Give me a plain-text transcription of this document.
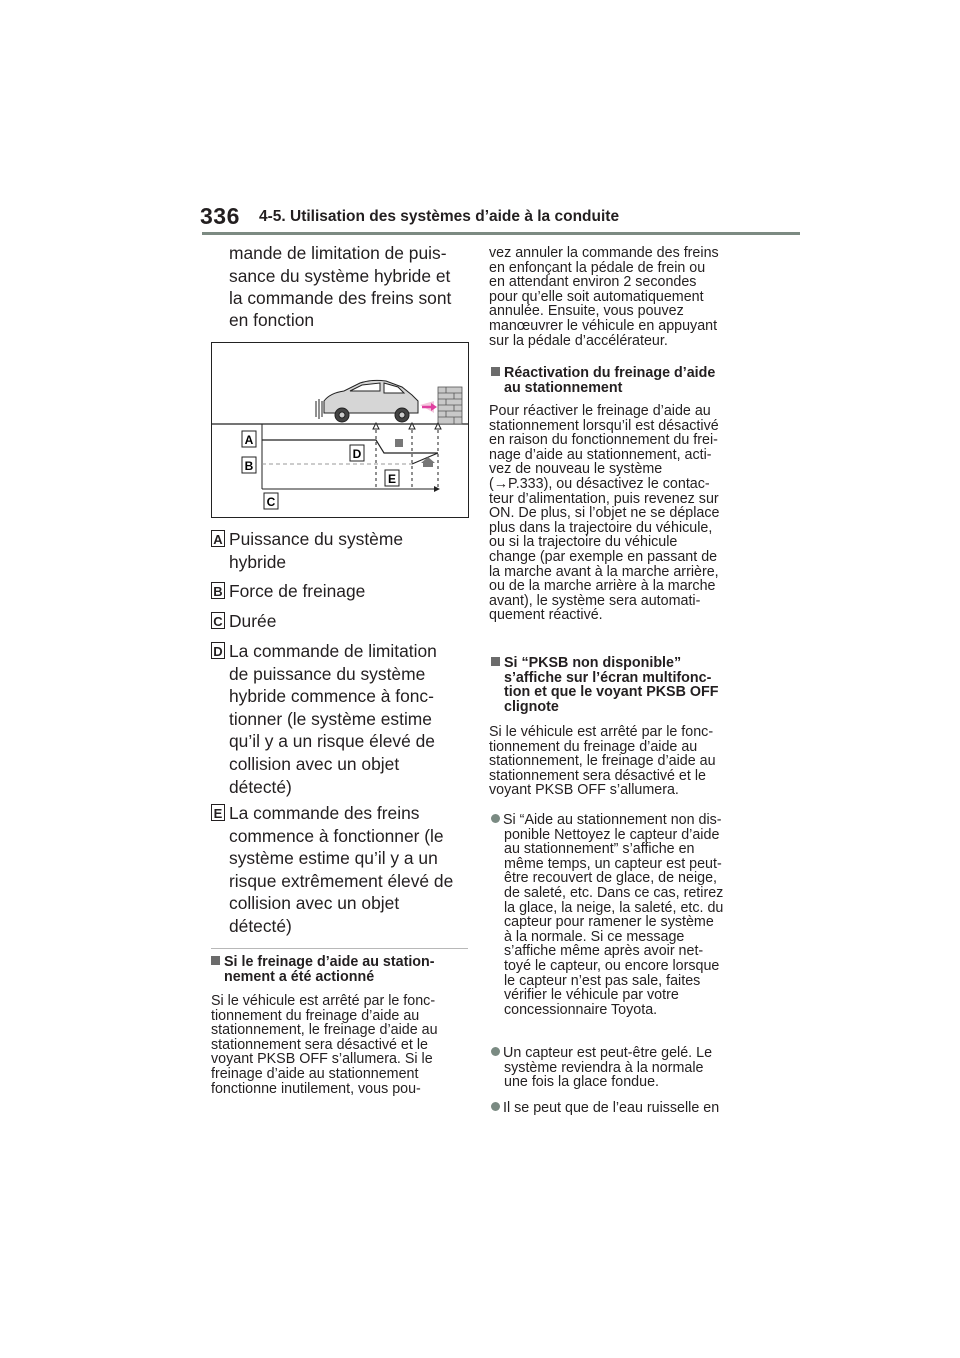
336 4-5. Utilisation des systèmes d’aide à la conduite
mande de limitation de puis-
sance du système hybride et
la commande des freins sont
en fonction
A
B
C
D
E
A Puissance du système
hybride
B Force de freinage
C Durée
D La commande de limitation
de puissance du système
hybride commence à fonc-
tionner (le système estime
qu’il y a un risque élevé de
collision avec un objet
détecté)
E La commande des freins
commence à fonctionner (le
système estime qu’il y a un
risque extrêmement élevé de
collision avec un objet
détecté)
Si le freinage d’aide au station-
nement a été actionné
Si le véhicule est arrêté par le fonc-
tionnement du freinage d’aide au
stationnement, le freinage d’aide au
stationnement sera désactivé et le
voyant PKSB OFF s’allumera. Si le
freinage d’aide au stationnement
fonctionne inutilement, vous pou-
vez annuler la commande des freins
en enfonçant la pédale de frein ou
en attendant environ 2 secondes
pour qu’elle soit automatiquement
annulée. Ensuite, vous pouvez
manœuvrer le véhicule en appuyant
sur la pédale d’accélérateur.
Réactivation du freinage d’aide
au stationnement
Pour réactiver le freinage d’aide au
stationnement lorsqu’il est désactivé
en raison du fonctionnement du frei-
nage d’aide au stationnement, acti-
vez de nouveau le système
(→P.333), ou désactivez le contac-
teur d’alimentation, puis revenez sur
ON. De plus, si l’objet ne se déplace
plus dans la trajectoire du véhicule,
ou si la trajectoire du véhicule
change (par exemple en passant de
la marche avant à la marche arrière,
ou de la marche arrière à la marche
avant), le système sera automati-
quement réactivé.
Si “PKSB non disponible”
s’affiche sur l’écran multifonc-
tion et que le voyant PKSB OFF
clignote
Si le véhicule est arrêté par le fonc-
tionnement du freinage d’aide au
stationnement, le freinage d’aide au
stationnement sera désactivé et le
voyant PKSB OFF s’allumera.
Si “Aide au stationnement non dis-
ponible Nettoyez le capteur d’aide
au stationnement” s’affiche en
même temps, un capteur est peut-
être recouvert de glace, de neige,
de saleté, etc. Dans ce cas, retirez
la glace, la neige, la saleté, etc. du
capteur pour ramener le système
à la normale. Si ce message
s’affiche même après avoir net-
toyé le capteur, ou encore lorsque
le capteur n’est pas sale, faites
vérifier le véhicule par votre
concessionnaire Toyota.
Un capteur est peut-être gelé. Le
système reviendra à la normale
une fois la glace fondue.
Il se peut que de l’eau ruisselle en
